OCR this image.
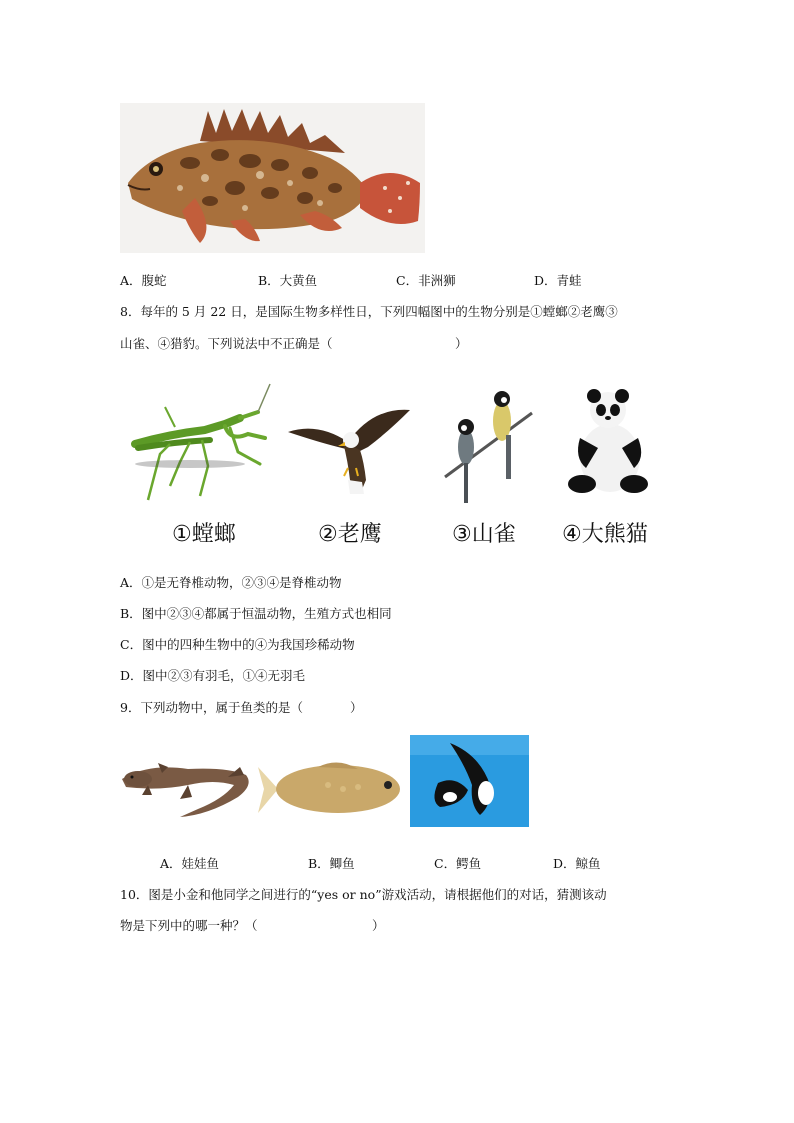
A．腹蛇	B．大黄鱼	C．非洲狮	D．青蛙
8．每年的 5 月 22 日，是国际生物多样性日，下列四幅图中的生物分别是①螳螂②老鹰③
山雀、④猎豹。下列说法中不正确是（	）
①螳螂	②老鹰	③山雀 ④大熊猫
A．①是无脊椎动物，②③④是脊椎动物
B．图中②③④都属于恒温动物，生殖方式也相同
C．图中的四种生物中的④为我国珍稀动物
D．图中②③有羽毛，①④无羽毛
9．下列动物中，属于鱼类的是（	）
A．娃娃鱼	B．鲫鱼	C．鳄鱼	D．鲸鱼
10．图是小金和他同学之间进行的“yes or no”游戏活动，请根据他们的对话，猜测该动
物是下列中的哪一种？（	）
